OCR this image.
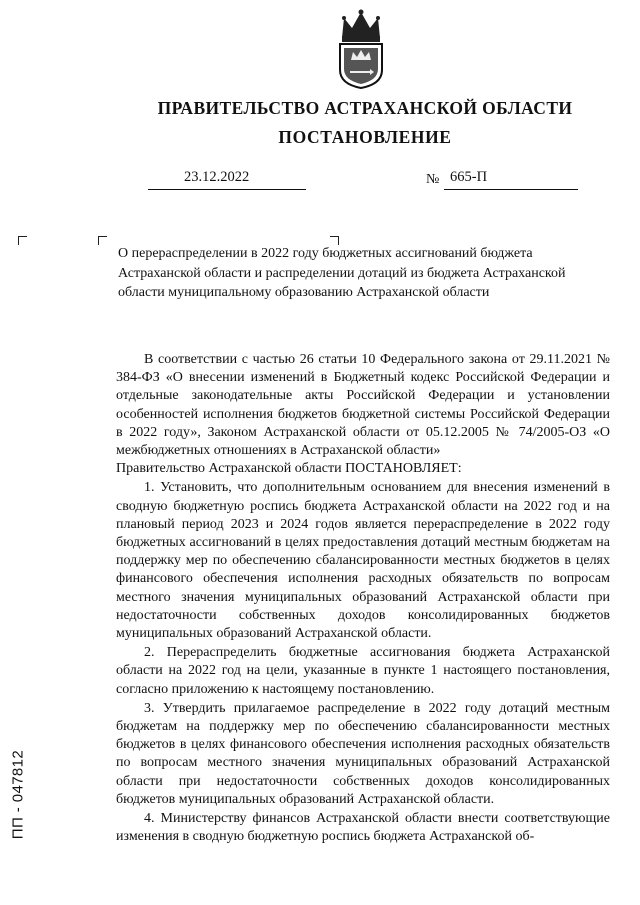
ПРАВИТЕЛЬСТВО АСТРАХАНСКОЙ ОБЛАСТИ
ПОСТАНОВЛЕНИЕ
23.12.2022	№ 665-П
О перераспределении в 2022 году бюджетных ассигнований бюджета Астраханской области и распределении дотаций из бюджета Астраханской области муниципальному образованию Астраханской области

В соответствии с частью 26 статьи 10 Федерального закона от 29.11.2021 № 384-ФЗ «О внесении изменений в Бюджетный кодекс Российской Федерации и отдельные законодательные акты Российской Федерации и установлении особенностей исполнения бюджетов бюджетной системы Российской Федерации в 2022 году», Законом Астраханской области от 05.12.2005 № 74/2005-ОЗ «О межбюджетных отношениях в Астраханской области»

Правительство Астраханской области ПОСТАНОВЛЯЕТ:

1. Установить, что дополнительным основанием для внесения изменений в сводную бюджетную роспись бюджета Астраханской области на 2022 год и на плановый период 2023 и 2024 годов является перераспределение в 2022 году бюджетных ассигнований в целях предоставления дотаций местным бюджетам на поддержку мер по обеспечению сбалансированности местных бюджетов в целях финансового обеспечения исполнения расходных обязательств по вопросам местного значения муниципальных образований Астраханской области при недостаточности собственных доходов консолидированных бюджетов муниципальных образований Астраханской области.

2. Перераспределить бюджетные ассигнования бюджета Астраханской области на 2022 год на цели, указанные в пункте 1 настоящего постановления, согласно приложению к настоящему постановлению.

3. Утвердить прилагаемое распределение в 2022 году дотаций местным бюджетам на поддержку мер по обеспечению сбалансированности местных бюджетов в целях финансового обеспечения исполнения расходных обязательств по вопросам местного значения муниципальных образований Астраханской области при недостаточности собственных доходов консолидированных бюджетов муниципальных образований Астраханской области.

4. Министерству финансов Астраханской области внести соответствующие изменения в сводную бюджетную роспись бюджета Астраханской об-

ПП - 047812
